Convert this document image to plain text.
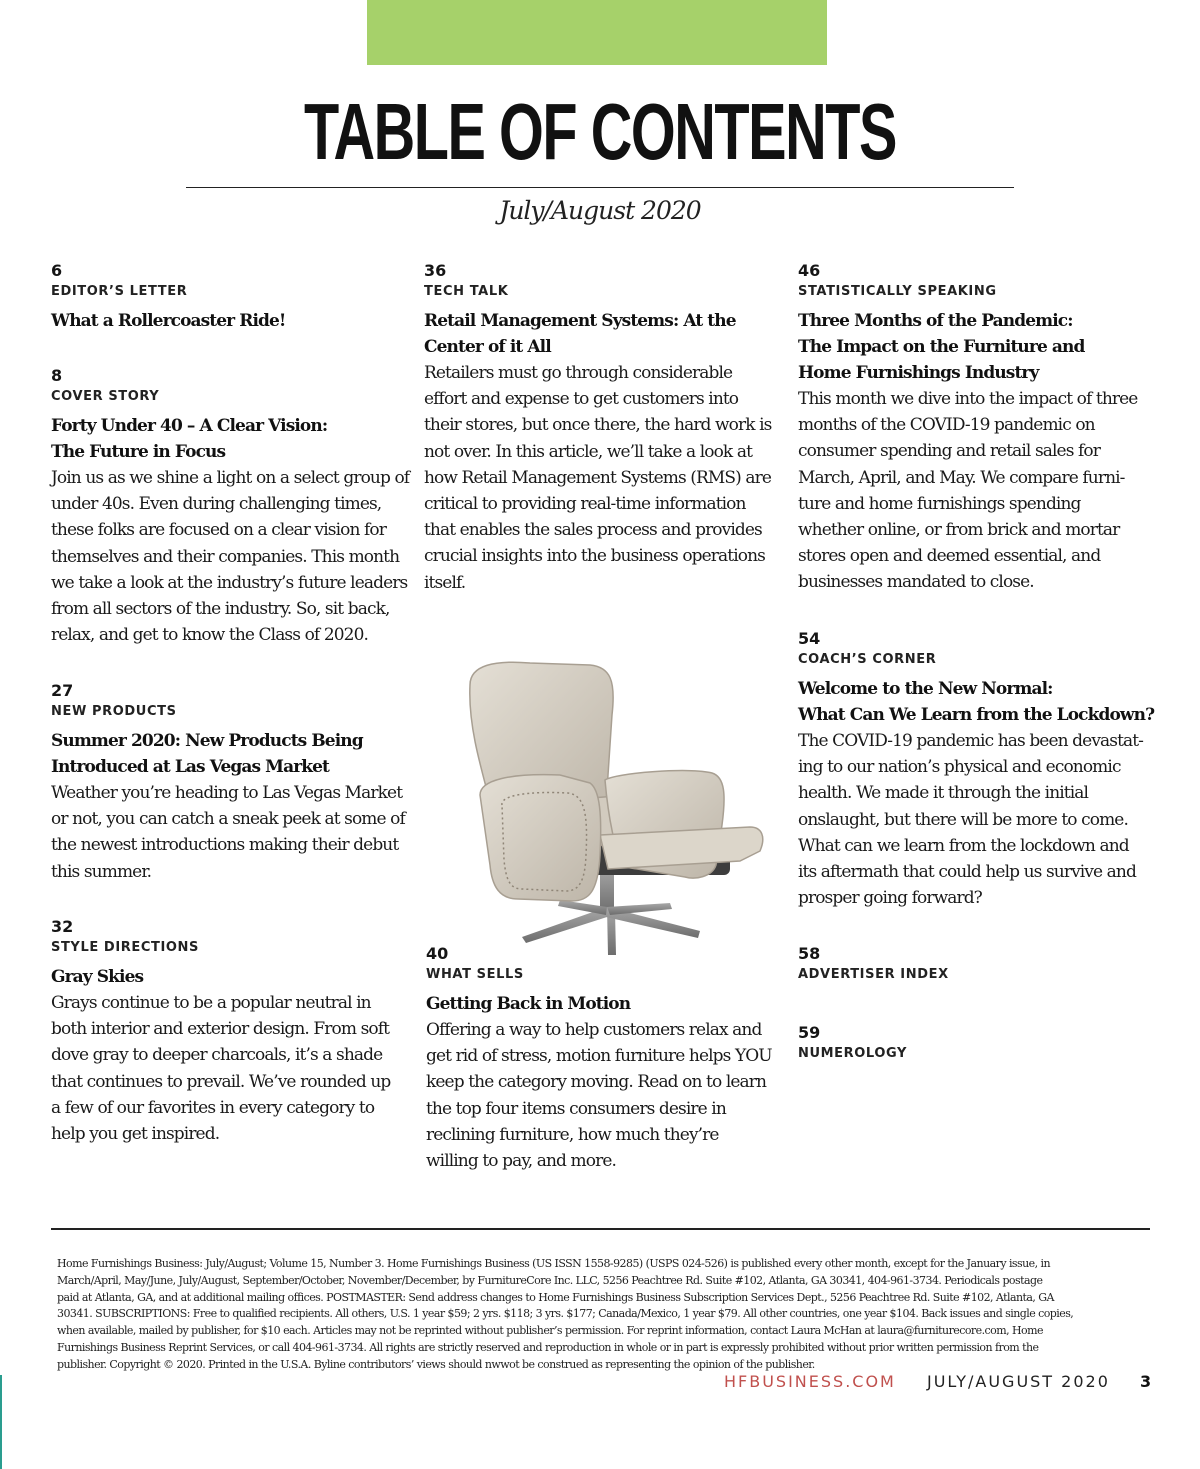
TABLE OF CONTENTS
July/August 2020
6
EDITOR’S LETTER
What a Rollercoaster Ride!
8
COVER STORY
Forty Under 40 – A Clear Vision:
The Future in Focus
Join us as we shine a light on a select group of
under 40s. Even during challenging times,
these folks are focused on a clear vision for
themselves and their companies. This month
we take a look at the industry’s future leaders
from all sectors of the industry. So, sit back,
relax, and get to know the Class of 2020.
27
NEW PRODUCTS
Summer 2020: New Products Being
Introduced at Las Vegas Market
Weather you’re heading to Las Vegas Market
or not, you can catch a sneak peek at some of
the newest introductions making their debut
this summer.
32
STYLE DIRECTIONS
Gray Skies
Grays continue to be a popular neutral in
both interior and exterior design. From soft
dove gray to deeper charcoals, it’s a shade
that continues to prevail. We’ve rounded up
a few of our favorites in every category to
help you get inspired.
36
TECH TALK
Retail Management Systems: At the
Center of it All
Retailers must go through considerable
effort and expense to get customers into
their stores, but once there, the hard work is
not over. In this article, we’ll take a look at
how Retail Management Systems (RMS) are
critical to providing real-time information
that enables the sales process and provides
crucial insights into the business operations
itself.
40
WHAT SELLS
Getting Back in Motion
Offering a way to help customers relax and
get rid of stress, motion furniture helps YOU
keep the category moving. Read on to learn
the top four items consumers desire in
reclining furniture, how much they’re
willing to pay, and more.
46
STATISTICALLY SPEAKING
Three Months of the Pandemic:
The Impact on the Furniture and
Home Furnishings Industry
This month we dive into the impact of three
months of the COVID-19 pandemic on
consumer spending and retail sales for
March, April, and May. We compare furni-
ture and home furnishings spending
whether online, or from brick and mortar
stores open and deemed essential, and
businesses mandated to close.
54
COACH’S CORNER
Welcome to the New Normal:
What Can We Learn from the Lockdown?
The COVID-19 pandemic has been devastat-
ing to our nation’s physical and economic
health. We made it through the initial
onslaught, but there will be more to come.
What can we learn from the lockdown and
its aftermath that could help us survive and
prosper going forward?
58
ADVERTISER INDEX
59
NUMEROLOGY
Home Furnishings Business: July/August; Volume 15, Number 3. Home Furnishings Business (US ISSN 1558-9285) (USPS 024-526) is published every other month, except for the January issue, in
March/April, May/June, July/August, September/October, November/December, by FurnitureCore Inc. LLC, 5256 Peachtree Rd. Suite #102, Atlanta, GA 30341, 404-961-3734. Periodicals postage
paid at Atlanta, GA, and at additional mailing offices. POSTMASTER: Send address changes to Home Furnishings Business Subscription Services Dept., 5256 Peachtree Rd. Suite #102, Atlanta, GA
30341. SUBSCRIPTIONS: Free to qualified recipients. All others, U.S. 1 year $59; 2 yrs. $118; 3 yrs. $177; Canada/Mexico, 1 year $79. All other countries, one year $104. Back issues and single copies,
when available, mailed by publisher, for $10 each. Articles may not be reprinted without publisher’s permission. For reprint information, contact Laura McHan at laura@furniturecore.com, Home
Furnishings Business Reprint Services, or call 404-961-3734. All rights are strictly reserved and reproduction in whole or in part is expressly prohibited without prior written permission from the
publisher. Copyright © 2020. Printed in the U.S.A. Byline contributors’ views should nwwot be construed as representing the opinion of the publisher.
HFBUSINESS.COM JULY/AUGUST 2020 3
